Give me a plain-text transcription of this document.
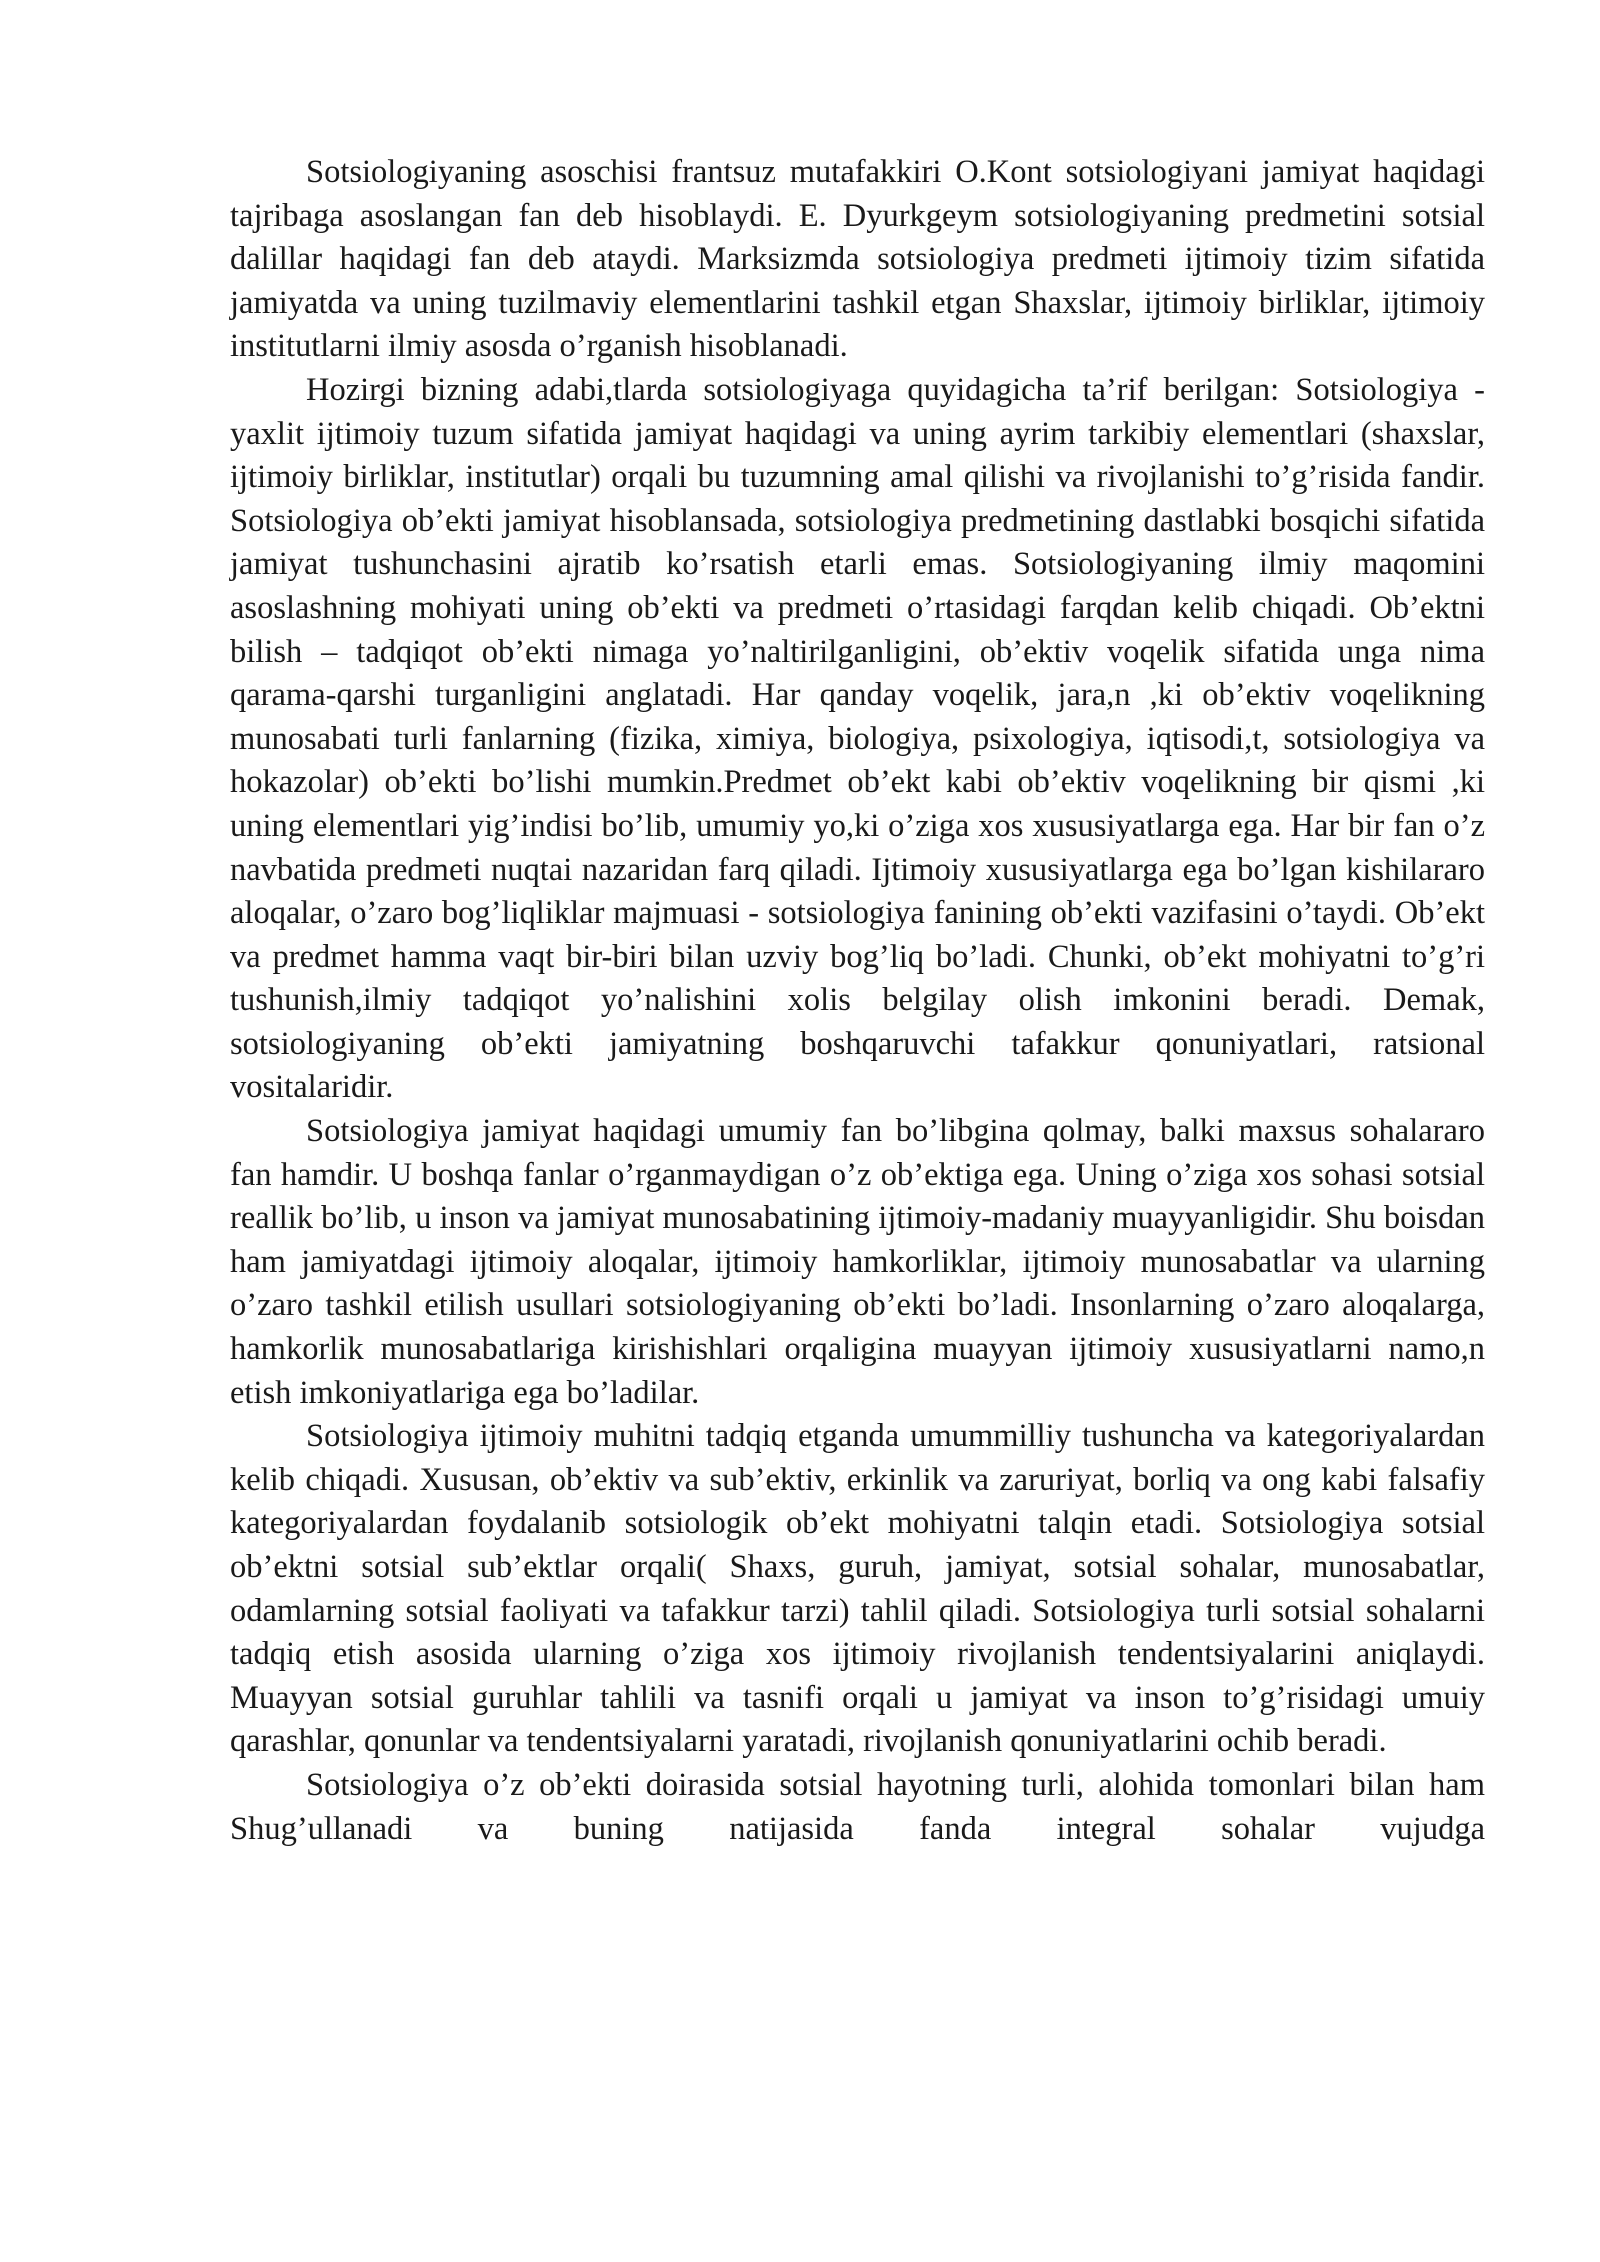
Sotsiologiyaning asoschisi frantsuz mutafakkiri O.Kont sotsiologiyani jamiyat haqidagi tajribaga asoslangan fan deb hisoblaydi. E. Dyurkgeym sotsiologiyaning predmetini sotsial dalillar haqidagi fan deb ataydi. Marksizmda sotsiologiya predmeti ijtimoiy tizim sifatida jamiyatda va uning tuzilmaviy elementlarini tashkil etgan Shaxslar, ijtimoiy birliklar, ijtimoiy institutlarni ilmiy asosda o’rganish hisoblanadi.

Hozirgi bizning adabi,tlarda sotsiologiyaga quyidagicha ta’rif berilgan: Sotsiologiya - yaxlit ijtimoiy tuzum sifatida jamiyat haqidagi va uning ayrim tarkibiy elementlari (shaxslar, ijtimoiy birliklar, institutlar) orqali bu tuzumning amal qilishi va rivojlanishi to’g’risida fandir. Sotsiologiya ob’ekti jamiyat hisoblansada, sotsiologiya predmetining dastlabki bosqichi sifatida jamiyat tushunchasini ajratib ko’rsatish etarli emas. Sotsiologiyaning ilmiy maqomini asoslashning mohiyati uning ob’ekti va predmeti o’rtasidagi farqdan kelib chiqadi. Ob’ektni bilish – tadqiqot ob’ekti nimaga yo’naltirilganligini, ob’ektiv voqelik sifatida unga nima qarama-qarshi turganligini anglatadi. Har qanday voqelik, jara,n ,ki ob’ektiv voqelikning munosabati turli fanlarning (fizika, ximiya, biologiya, psixologiya, iqtisodi,t, sotsiologiya va hokazolar) ob’ekti bo’lishi mumkin.Predmet ob’ekt kabi ob’ektiv voqelikning bir qismi ,ki uning elementlari yig’indisi bo’lib, umumiy yo,ki o’ziga xos xususiyatlarga ega. Har bir fan o’z navbatida predmeti nuqtai nazaridan farq qiladi. Ijtimoiy xususiyatlarga ega bo’lgan kishilararo aloqalar, o’zaro bog’liqliklar majmuasi - sotsiologiya fanining ob’ekti vazifasini o’taydi. Ob’ekt va predmet hamma vaqt bir-biri bilan uzviy bog’liq bo’ladi. Chunki, ob’ekt mohiyatni to’g’ri tushunish,ilmiy tadqiqot yo’nalishini xolis belgilay olish imkonini beradi. Demak, sotsiologiyaning ob’ekti jamiyatning boshqaruvchi tafakkur qonuniyatlari, ratsional vositalaridir.

Sotsiologiya jamiyat haqidagi umumiy fan bo’libgina qolmay, balki maxsus sohalararo fan hamdir. U boshqa fanlar o’rganmaydigan o’z ob’ektiga ega. Uning o’ziga xos sohasi sotsial reallik bo’lib, u inson va jamiyat munosabatining ijtimoiy-madaniy muayyanligidir. Shu boisdan ham jamiyatdagi ijtimoiy aloqalar, ijtimoiy hamkorliklar, ijtimoiy munosabatlar va ularning o’zaro tashkil etilish usullari sotsiologiyaning ob’ekti bo’ladi. Insonlarning o’zaro aloqalarga, hamkorlik munosabatlariga kirishishlari orqaligina muayyan ijtimoiy xususiyatlarni namo,n etish imkoniyatlariga ega bo’ladilar.

Sotsiologiya ijtimoiy muhitni tadqiq etganda umummilliy tushuncha va kategoriyalardan kelib chiqadi. Xususan, ob’ektiv va sub’ektiv, erkinlik va zaruriyat, borliq va ong kabi falsafiy kategoriyalardan foydalanib sotsiologik ob’ekt mohiyatni talqin etadi. Sotsiologiya sotsial ob’ektni sotsial sub’ektlar orqali( Shaxs, guruh, jamiyat, sotsial sohalar, munosabatlar, odamlarning sotsial faoliyati va tafakkur tarzi) tahlil qiladi. Sotsiologiya turli sotsial sohalarni tadqiq etish asosida ularning o’ziga xos ijtimoiy rivojlanish tendentsiyalarini aniqlaydi. Muayyan sotsial guruhlar tahlili va tasnifi orqali u jamiyat va inson to’g’risidagi umuiy qarashlar, qonunlar va tendentsiyalarni yaratadi, rivojlanish qonuniyatlarini ochib beradi.

Sotsiologiya o’z ob’ekti doirasida sotsial hayotning turli, alohida tomonlari bilan ham Shug’ullanadi va buning natijasida fanda integral sohalar vujudga
